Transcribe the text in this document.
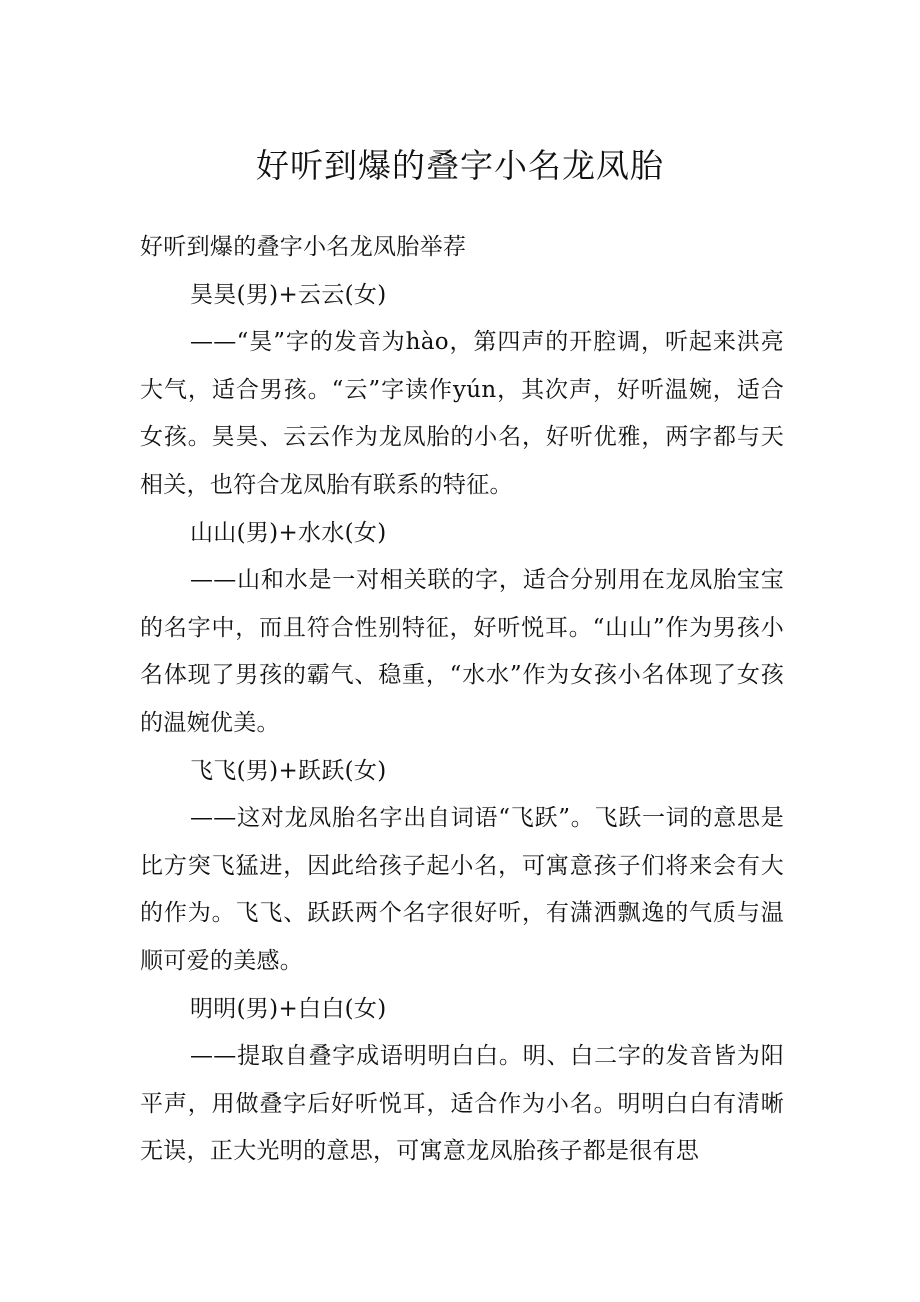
好听到爆的叠字小名龙凤胎

好听到爆的叠字小名龙凤胎举荐

昊昊(男)+云云(女)

——“昊”字的发音为hào，第四声的开腔调，听起来洪亮大气，适合男孩。“云”字读作yún，其次声，好听温婉，适合女孩。昊昊、云云作为龙凤胎的小名，好听优雅，两字都与天相关，也符合龙凤胎有联系的特征。

山山(男)+水水(女)

——山和水是一对相关联的字，适合分别用在龙凤胎宝宝的名字中，而且符合性别特征，好听悦耳。“山山”作为男孩小名体现了男孩的霸气、稳重，“水水”作为女孩小名体现了女孩的温婉优美。

飞飞(男)+跃跃(女)

——这对龙凤胎名字出自词语“飞跃”。飞跃一词的意思是比方突飞猛进，因此给孩子起小名，可寓意孩子们将来会有大的作为。飞飞、跃跃两个名字很好听，有潇洒飘逸的气质与温顺可爱的美感。

明明(男)+白白(女)

——提取自叠字成语明明白白。明、白二字的发音皆为阳平声，用做叠字后好听悦耳，适合作为小名。明明白白有清晰无误，正大光明的意思，可寓意龙凤胎孩子都是很有思
